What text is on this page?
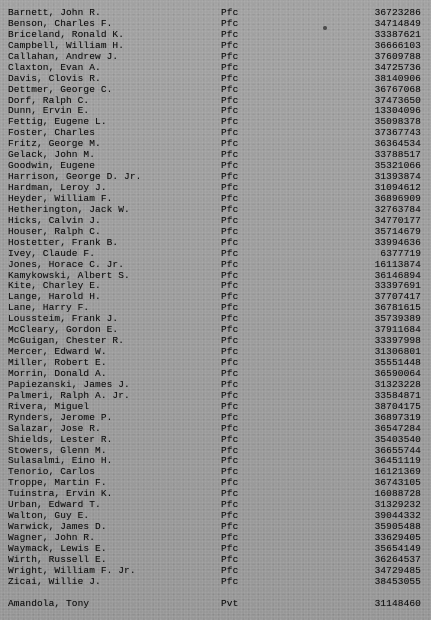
Barnett, John R.	Pfc	36723286
Benson, Charles F.	Pfc	34714849
Briceland, Ronald K.	Pfc	33387621
Campbell, William H.	Pfc	36666103
Callahan, Andrew J.	Pfc	37609788
Claxton, Evan A.	Pfc	34725736
Davis, Clovis R.	Pfc	38140906
Dettmer, George C.	Pfc	36767068
Dorf, Ralph C.	Pfc	37473650
Dunn, Ervin E.	Pfc	13304096
Fettig, Eugene L.	Pfc	35098378
Foster, Charles	Pfc	37367743
Fritz, George M.	Pfc	36364534
Gelack, John M.	Pfc	33788517
Goodwin, Eugene	Pfc	35321066
Harrison, George D. Jr.	Pfc	31393874
Hardman, Leroy J.	Pfc	31094612
Heyder, William F.	Pfc	36896909
Hetherington, Jack W.	Pfc	32763784
Hicks, Calvin J.	Pfc	34770177
Houser, Ralph C.	Pfc	35714679
Hostetter, Frank B.	Pfc	33994636
Ivey, Claude F.	Pfc	6377719
Jones, Horace C. Jr.	Pfc	16113874
Kamykowski, Albert S.	Pfc	36146894
Kite, Charley E.	Pfc	33397691
Lange, Harold H.	Pfc	37707417
Lane, Harry F.	Pfc	36781615
Loussteim, Frank J.	Pfc	35739389
McCleary, Gordon E.	Pfc	37911684
McGuigan, Chester R.	Pfc	33397998
Mercer, Edward W.	Pfc	31306801
Miller, Robert E.	Pfc	35551448
Morrin, Donald A.	Pfc	36590064
Papiezanski, James J.	Pfc	31323228
Palmeri, Ralph A. Jr.	Pfc	33584871
Rivera, Miguel	Pfc	38704175
Rynders, Jerome P.	Pfc	36897319
Salazar, Jose R.	Pfc	36547284
Shields, Lester R.	Pfc	35403540
Stowers, Glenn M.	Pfc	36655744
Sulasalmi, Eino H.	Pfc	36451119
Tenorio, Carlos	Pfc	16121369
Troppe, Martin F.	Pfc	36743105
Tuinstra, Ervin K.	Pfc	16088728
Urban, Edward T.	Pfc	31329232
Walton, Guy E.	Pfc	39044332
Warwick, James D.	Pfc	35905488
Wagner, John R.	Pfc	33629405
Waymack, Lewis E.	Pfc	35654149
Wirth, Russell E.	Pfc	36264537
Wright, William F. Jr.	Pfc	34729485
Zicai, Willie J.	Pfc	38453055
Amandola, Tony	Pvt	31148460
